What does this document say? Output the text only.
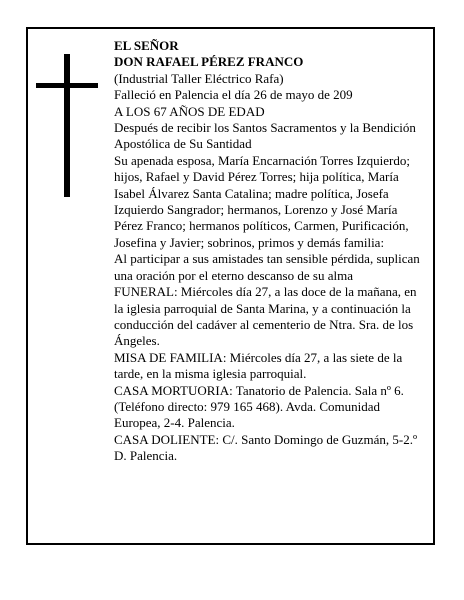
EL SEÑOR
DON RAFAEL PÉREZ FRANCO
(Industrial Taller Eléctrico Rafa)
Falleció en Palencia el día 26 de mayo de 209
A LOS 67 AÑOS DE EDAD
Después de recibir los Santos Sacramentos y la Bendición Apostólica de Su Santidad
Su apenada esposa, María Encarnación Torres Izquierdo; hijos, Rafael y David Pérez Torres; hija política, María Isabel Álvarez Santa Catalina; madre política, Josefa Izquierdo Sangrador; hermanos, Lorenzo y José María Pérez Franco; hermanos políticos, Carmen, Purificación, Josefina y Javier; sobrinos, primos y demás familia:
Al participar a sus amistades tan sensible pérdida, suplican una oración por el eterno descanso de su alma
FUNERAL: Miércoles día 27, a las doce de la mañana, en la iglesia parroquial de Santa Marina, y a continuación la conducción del cadáver al cementerio de Ntra. Sra. de los Ángeles.
MISA DE FAMILIA: Miércoles día 27, a las siete de la tarde, en la misma iglesia parroquial.
CASA MORTUORIA: Tanatorio de Palencia. Sala nº 6. (Teléfono directo: 979 165 468). Avda. Comunidad Europea, 2-4. Palencia.
CASA DOLIENTE: C/. Santo Domingo de Guzmán, 5-2.º D. Palencia.
